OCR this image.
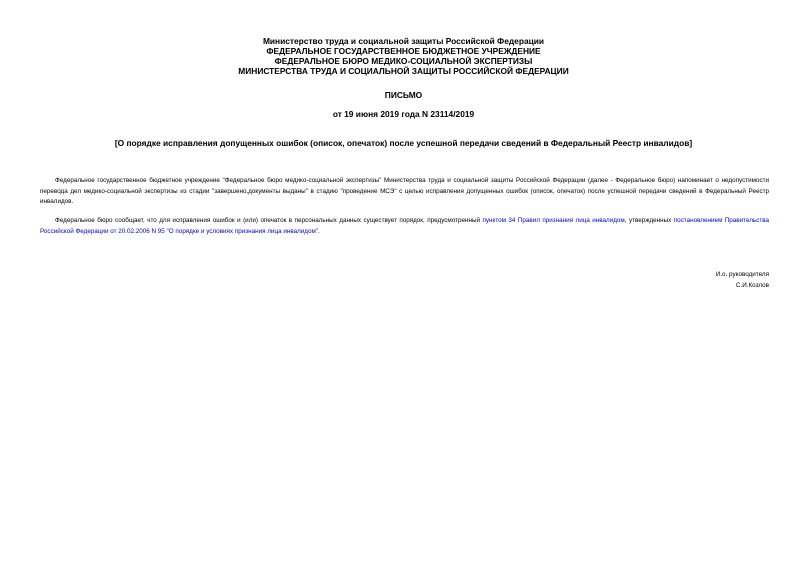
Министерство труда и социальной защиты Российской Федерации
ФЕДЕРАЛЬНОЕ ГОСУДАРСТВЕННОЕ БЮДЖЕТНОЕ УЧРЕЖДЕНИЕ
ФЕДЕРАЛЬНОЕ БЮРО МЕДИКО-СОЦИАЛЬНОЙ ЭКСПЕРТИЗЫ
МИНИСТЕРСТВА ТРУДА И СОЦИАЛЬНОЙ ЗАЩИТЫ РОССИЙСКОЙ ФЕДЕРАЦИИ
ПИСЬМО
от 19 июня 2019 года N 23114/2019
[О порядке исправления допущенных ошибок (описок, опечаток) после успешной передачи сведений в Федеральный Реестр инвалидов]

Федеральное государственное бюджетное учреждение "Федеральное бюро медико-социальной экспертизы" Министерства труда и социальной защиты Российской Федерации (далее - Федеральное бюро) напоминает о недопустимости перевода дел медико-социальной экспертизы из стадии "завершено,документы выданы" в стадию "проведение МСЭ" с целью исправления допущенных ошибок (описок, опечаток) после успешной передачи сведений в Федеральный Реестр инвалидов.

Федеральное бюро сообщает, что для исправления ошибок и (или) опечаток в персональных данных существует порядок, предусмотренный пунктом 34 Правил признания лица инвалидом, утвержденных постановлением Правительства Российской Федерации от 20.02.2006 N 95 "О порядке и условиях признания лица инвалидом".

И.о. руководителя
С.И.Козлов
